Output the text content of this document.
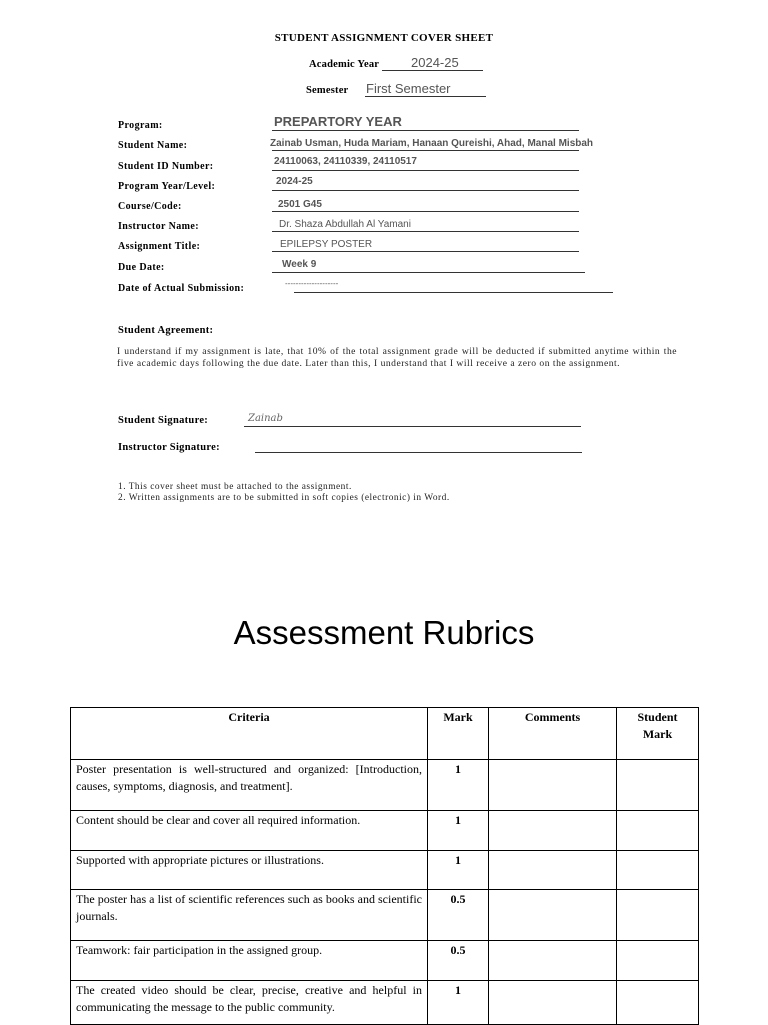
STUDENT ASSIGNMENT COVER SHEET
Academic Year 2024-25
Semester First Semester
Program:	PREPARTORY YEAR
Student Name:	Zainab Usman, Huda Mariam, Hanaan Qureishi, Ahad, Manal Misbah
Student ID Number:	24110063, 24110339, 24110517
Program Year/Level:	2024-25
Course/Code:	2501 G45
Instructor Name:	Dr. Shaza Abdullah Al Yamani
Assignment Title:	EPILEPSY POSTER
Due Date:	Week 9
Date of Actual Submission:	--------------------
Student Agreement:
I understand if my assignment is late, that 10% of the total assignment grade will be deducted if submitted anytime within the five academic days following the due date. Later than this, I understand that I will receive a zero on the assignment.
Student Signature:	Zainab
Instructor Signature:
1. This cover sheet must be attached to the assignment.
2. Written assignments are to be submitted in soft copies (electronic) in Word.
Assessment Rubrics
Criteria	Mark	Comments	Student Mark
Poster presentation is well-structured and organized: [Introduction, causes, symptoms, diagnosis, and treatment].	1		
Content should be clear and cover all required information.	1		
Supported with appropriate pictures or illustrations.	1		
The poster has a list of scientific references such as books and scientific journals.	0.5		
Teamwork: fair participation in the assigned group.	0.5		
The created video should be clear, precise, creative and helpful in communicating the message to the public community.	1		
